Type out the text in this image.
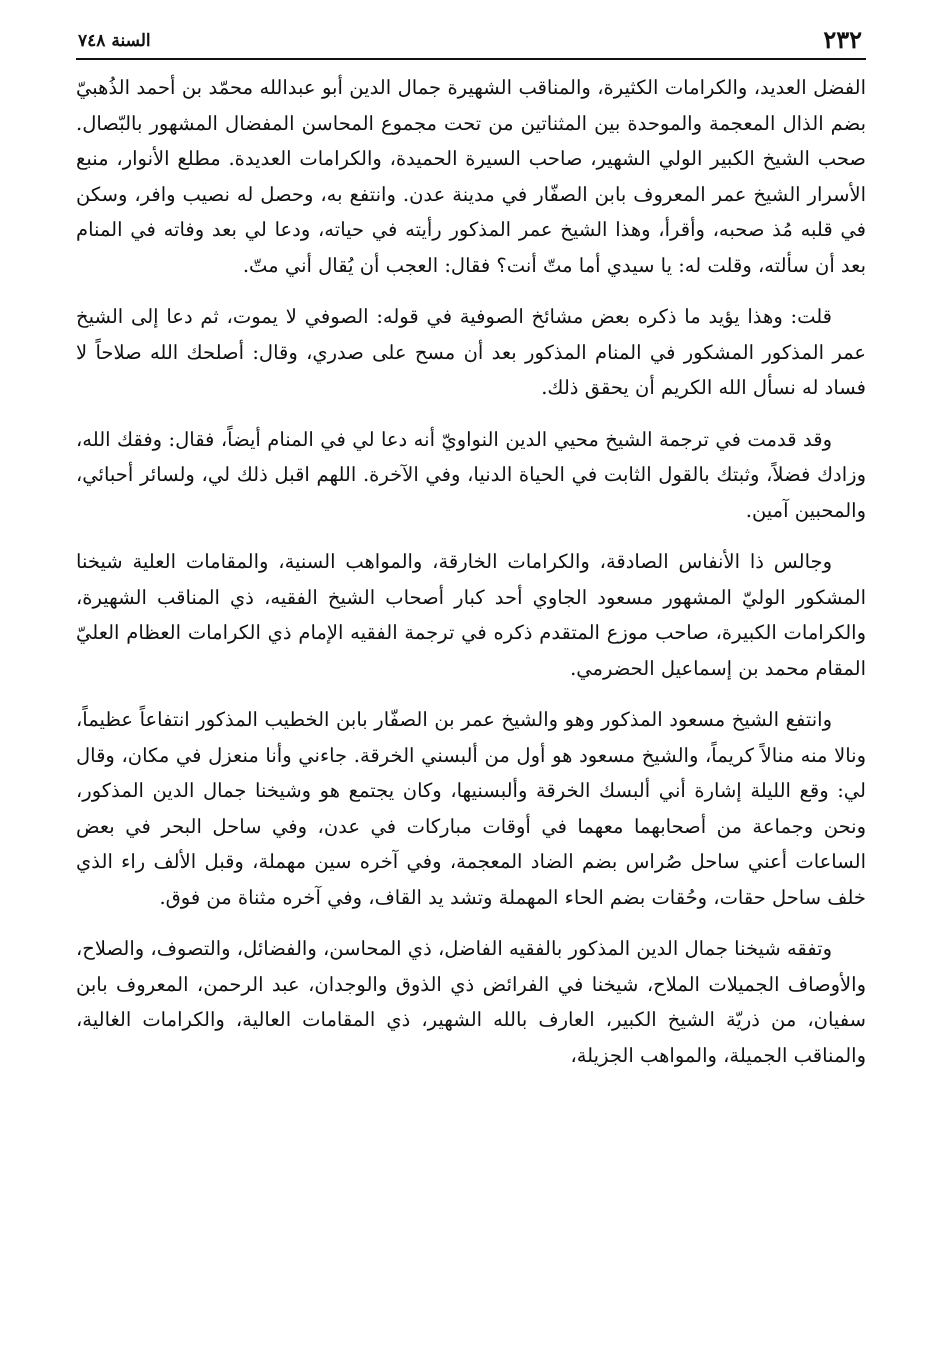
٢٣٢
السنة ٧٤٨

الفضل العديد، والكرامات الكثيرة، والمناقب الشهيرة جمال الدين أبو عبدالله محمّد بن أحمد الذُهبيّ بضم الذال المعجمة والموحدة بين المثناتين من تحت مجموع المحاسن المفضال المشهور بالبّصال. صحب الشيخ الكبير الولي الشهير، صاحب السيرة الحميدة، والكرامات العديدة. مطلع الأنوار، منبع الأسرار الشيخ عمر المعروف بابن الصفّار في مدينة عدن. وانتفع به، وحصل له نصيب وافر، وسكن في قلبه مُذ صحبه، وأقرأ، وهذا الشيخ عمر المذكور رأيته في حياته، ودعا لي بعد وفاته في المنام بعد أن سألته، وقلت له: يا سيدي أما متّ أنت؟ فقال: العجب أن يُقال أني متّ.

قلت: وهذا يؤيد ما ذكره بعض مشائخ الصوفية في قوله: الصوفي لا يموت، ثم دعا إلى الشيخ عمر المذكور المشكور في المنام المذكور بعد أن مسح على صدري، وقال: أصلحك الله صلاحاً لا فساد له نسأل الله الكريم أن يحقق ذلك.

وقد قدمت في ترجمة الشيخ محيي الدين النواويّ أنه دعا لي في المنام أيضاً، فقال: وفقك الله، وزادك فضلاً، وثبتك بالقول الثابت في الحياة الدنيا، وفي الآخرة. اللهم اقبل ذلك لي، ولسائر أحبائي، والمحبين آمين.

وجالس ذا الأنفاس الصادقة، والكرامات الخارقة، والمواهب السنية، والمقامات العلية شيخنا المشكور الوليّ المشهور مسعود الجاوي أحد كبار أصحاب الشيخ الفقيه، ذي المناقب الشهيرة، والكرامات الكبيرة، صاحب موزع المتقدم ذكره في ترجمة الفقيه الإمام ذي الكرامات العظام العليّ المقام محمد بن إسماعيل الحضرمي.

وانتفع الشيخ مسعود المذكور وهو والشيخ عمر بن الصفّار بابن الخطيب المذكور انتفاعاً عظيماً، ونالا منه منالاً كريماً، والشيخ مسعود هو أول من ألبسني الخرقة. جاءني وأنا منعزل في مكان، وقال لي: وقع الليلة إشارة أني ألبسك الخرقة وألبسنيها، وكان يجتمع هو وشيخنا جمال الدين المذكور، ونحن وجماعة من أصحابهما معهما في أوقات مباركات في عدن، وفي ساحل البحر في بعض الساعات أعني ساحل صُراس بضم الضاد المعجمة، وفي آخره سين مهملة، وقبل الألف راء الذي خلف ساحل حقات، وحُقات بضم الحاء المهملة وتشد يد القاف، وفي آخره مثناة من فوق.

وتفقه شيخنا جمال الدين المذكور بالفقيه الفاضل، ذي المحاسن، والفضائل، والتصوف، والصلاح، والأوصاف الجميلات الملاح، شيخنا في الفرائض ذي الذوق والوجدان، عبد الرحمن، المعروف بابن سفيان، من ذريّة الشيخ الكبير، العارف بالله الشهير، ذي المقامات العالية، والكرامات الغالية، والمناقب الجميلة، والمواهب الجزيلة،
